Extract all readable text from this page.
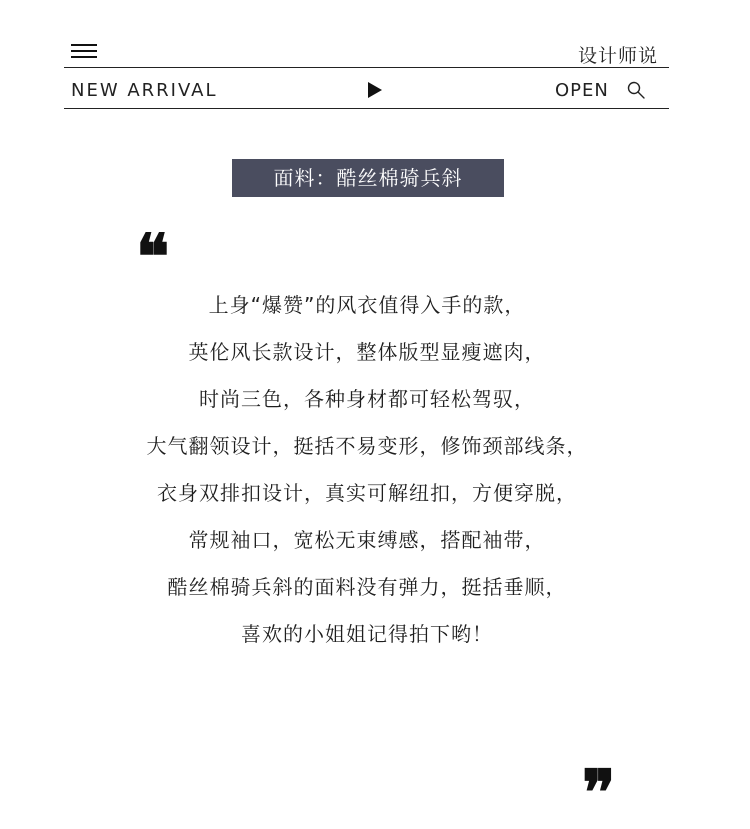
设计师说
NEW ARRIVAL	OPEN
面料：酷丝棉骑兵斜
❝
上身“爆赞”的风衣值得入手的款，
英伦风长款设计，整体版型显瘦遮肉，
时尚三色，各种身材都可轻松驾驭，
大气翻领设计，挺括不易变形，修饰颈部线条，
衣身双排扣设计，真实可解纽扣，方便穿脱，
常规袖口，宽松无束缚感，搭配袖带，
酷丝棉骑兵斜的面料没有弹力，挺括垂顺，
喜欢的小姐姐记得拍下哟！
❞
